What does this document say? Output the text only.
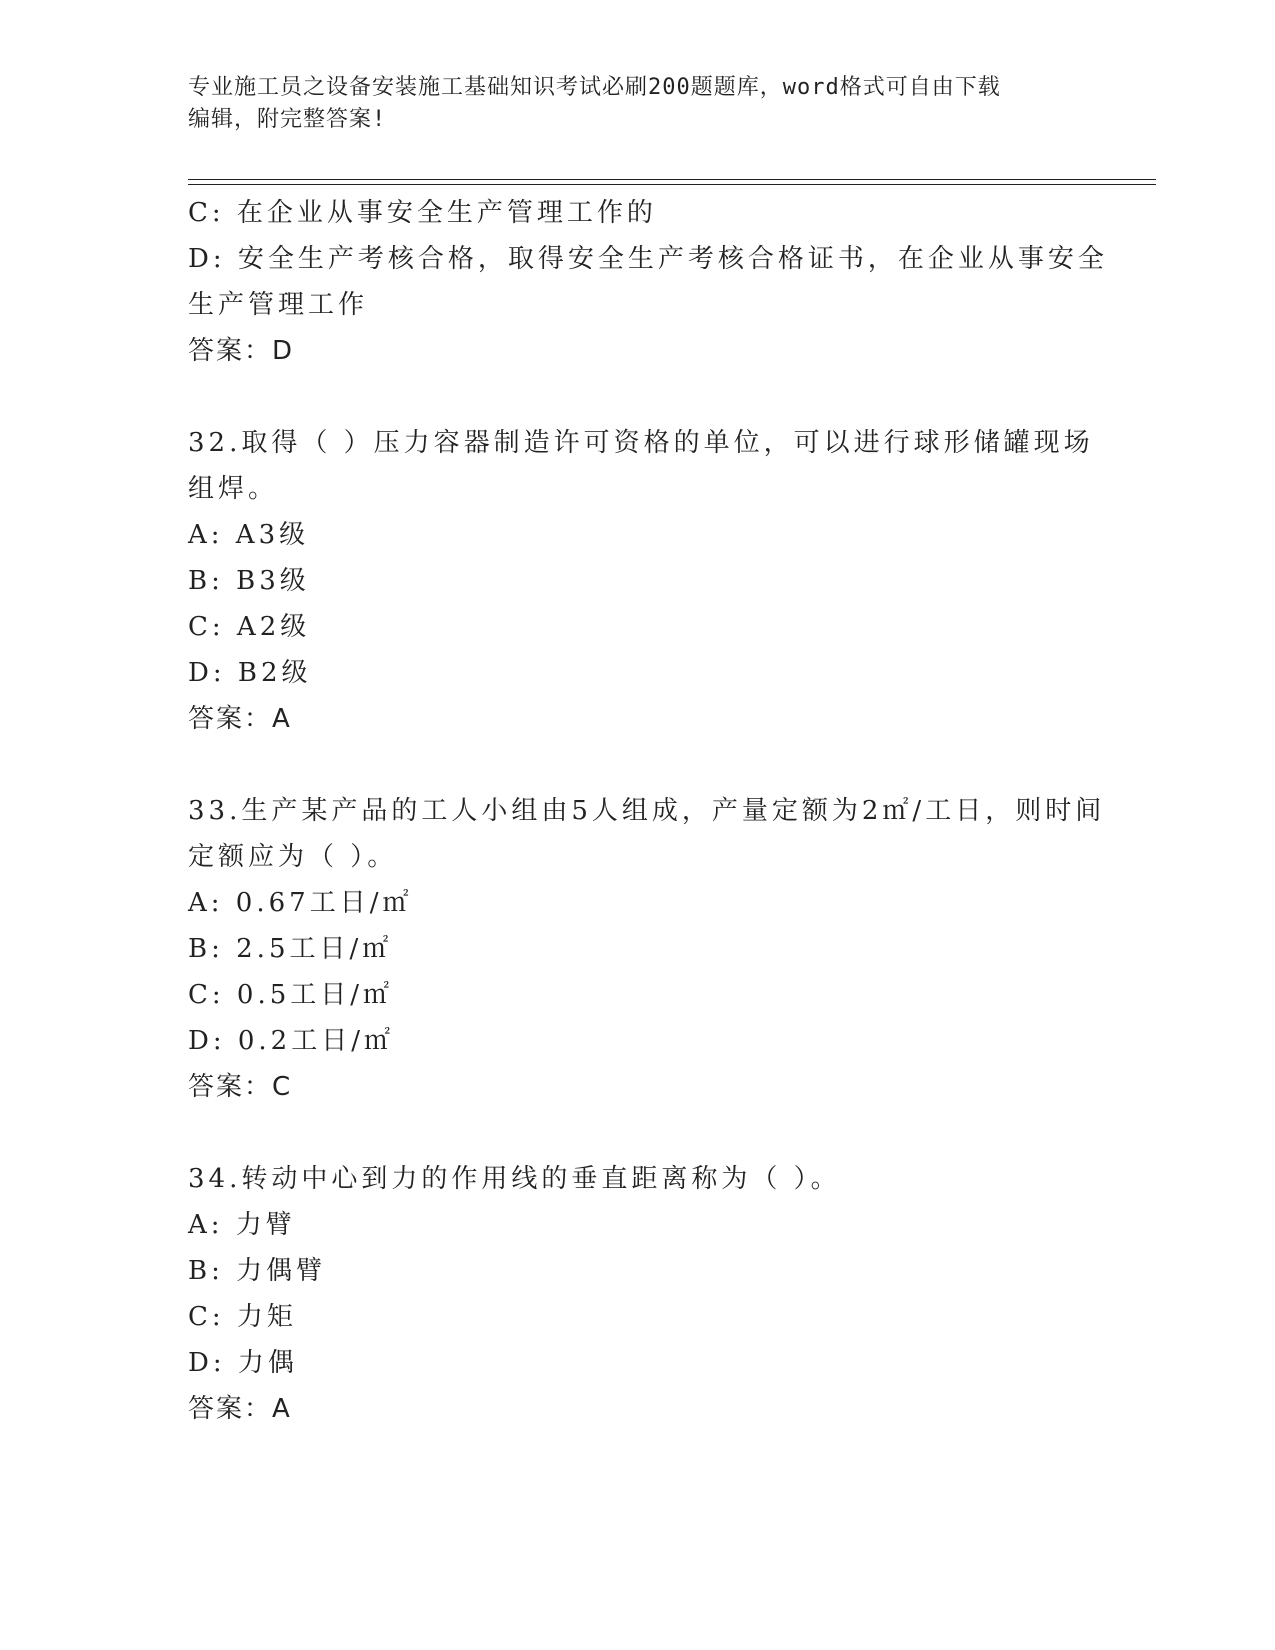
专业施工员之设备安装施工基础知识考试必刷200题题库，word格式可自由下载
编辑，附完整答案!

C: 在企业从事安全生产管理工作的

D: 安全生产考核合格，取得安全生产考核合格证书，在企业从事安全

生产管理工作

答案：D

32.取得（ ）压力容器制造许可资格的单位，可以进行球形储罐现场

组焊。

A: A3级

B: B3级

C: A2级

D: B2级

答案：A

33.生产某产品的工人小组由5人组成，产量定额为2㎡/工日，则时间

定额应为（ ）。

A: 0.67工日/㎡

B: 2.5工日/㎡

C: 0.5工日/㎡

D: 0.2工日/㎡

答案：C

34.转动中心到力的作用线的垂直距离称为（ ）。

A: 力臂

B: 力偶臂

C: 力矩

D: 力偶

答案：A
